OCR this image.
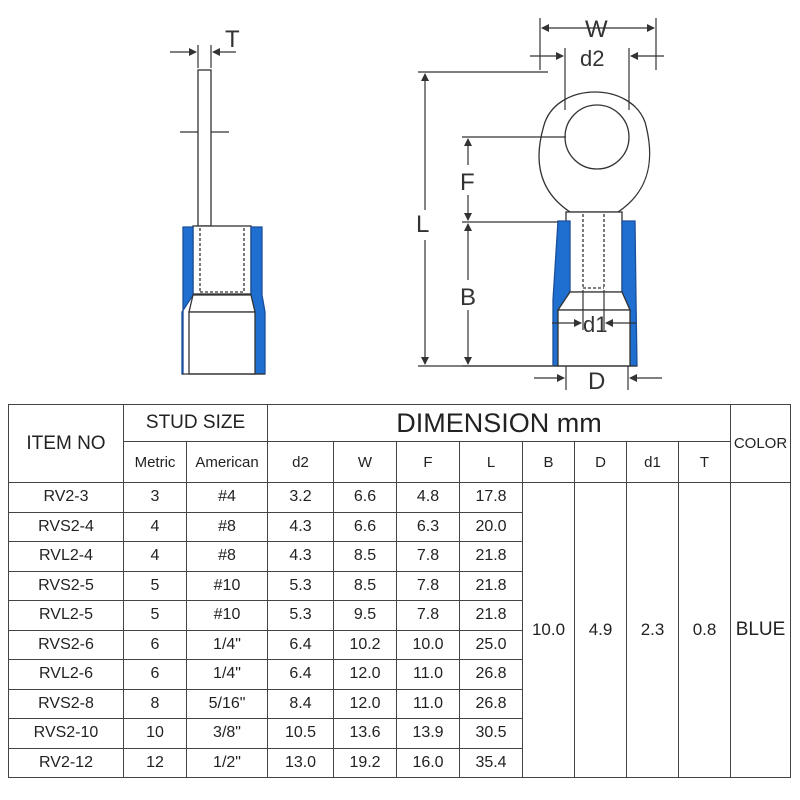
T	W
d2
L
F
B
d1
D
ITEM NO	STUD SIZE		DIMENSION mm								COLOR
	Metric	American	d2	W	F	L	B	D	d1	T	
RV2-3	3	#4	3.2	6.6	4.8	17.8	10.0	4.9	2.3	0.8	BLUE
RVS2-4	4	#8	4.3	6.6	6.3	20.0					
RVL2-4	4	#8	4.3	8.5	7.8	21.8					
RVS2-5	5	#10	5.3	8.5	7.8	21.8					
RVL2-5	5	#10	5.3	9.5	7.8	21.8					
RVS2-6	6	1/4"	6.4	10.2	10.0	25.0					
RVL2-6	6	1/4"	6.4	12.0	11.0	26.8					
RVS2-8	8	5/16"	8.4	12.0	11.0	26.8					
RVS2-10	10	3/8"	10.5	13.6	13.9	30.5					
RV2-12	12	1/2"	13.0	19.2	16.0	35.4					
